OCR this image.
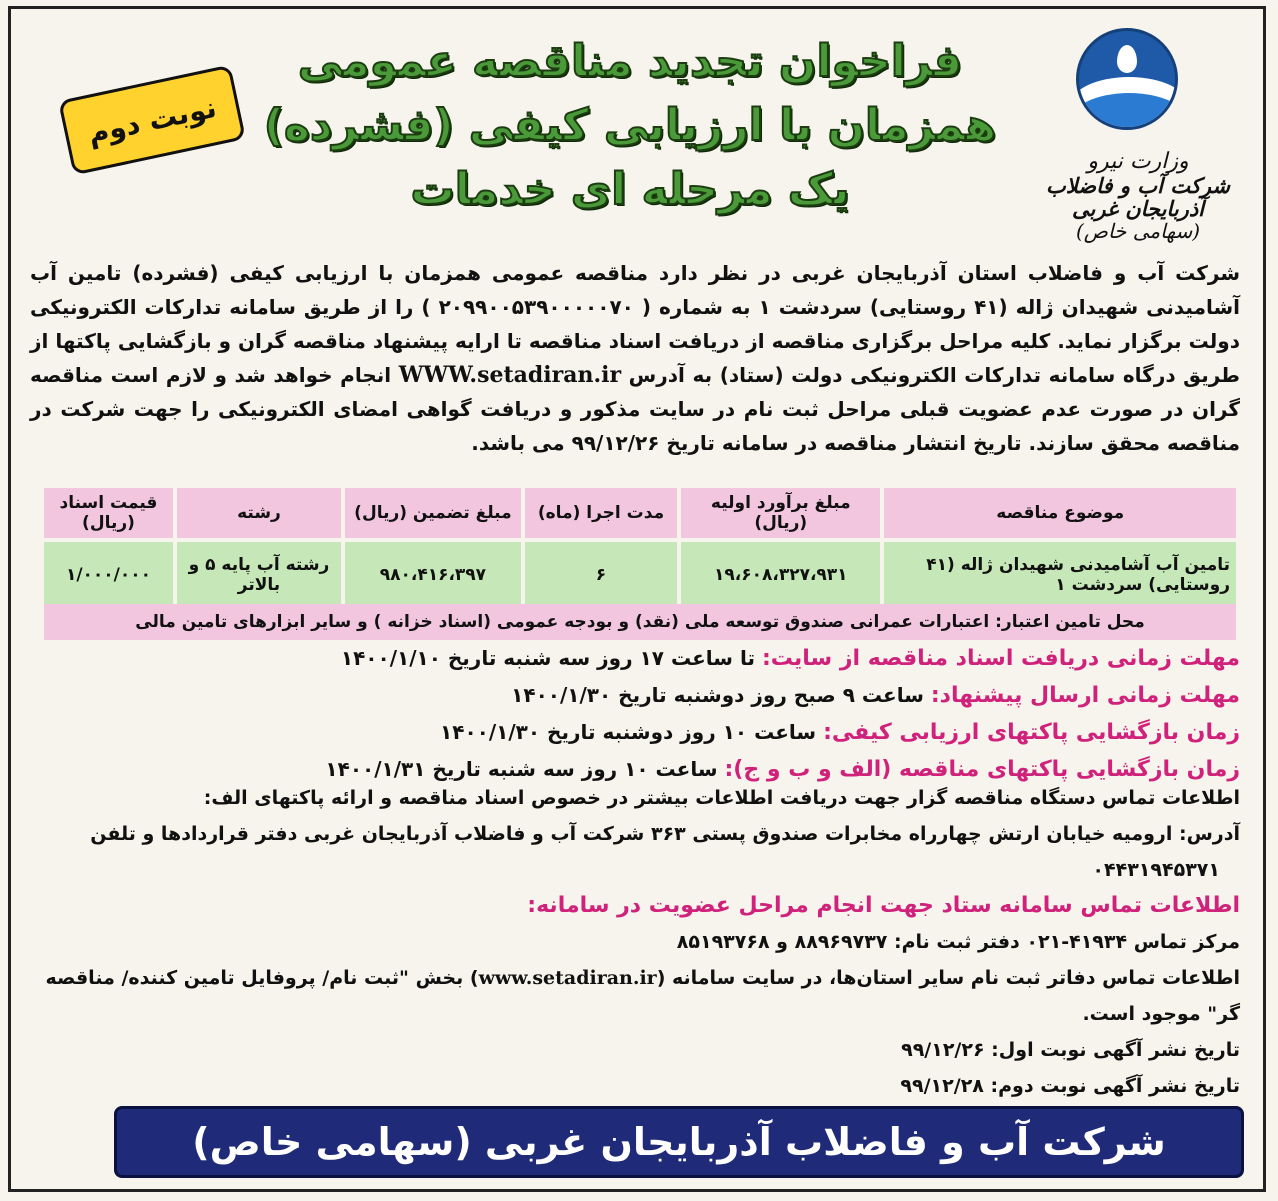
وزارت نیرو
شرکت آب و فاضلاب آذربایجان غربی
(سهامی خاص)
فراخوان تجدید مناقصه عمومی
همزمان با ارزیابی کیفی (فشرده)
یک مرحله ای خدمات
نوبت دوم
شرکت آب و فاضلاب استان آذربایجان غربی در نظر دارد مناقصه عمومی همزمان با ارزیابی کیفی (فشرده) تامین آب آشامیدنی شهیدان ژاله (۴۱ روستایی) سردشت ۱ به شماره ( ۲۰۹۹۰۰۵۳۹۰۰۰۰۰۷۰ ) را از طریق سامانه تدارکات الکترونیکی دولت برگزار نماید. کلیه مراحل برگزاری مناقصه از دریافت اسناد مناقصه تا ارایه پیشنهاد مناقصه گران و بازگشایی پاکتها از طریق درگاه سامانه تدارکات الکترونیکی دولت (ستاد) به آدرس WWW.setadiran.ir انجام خواهد شد و لازم است مناقصه گران در صورت عدم عضویت قبلی مراحل ثبت نام در سایت مذکور و دریافت گواهی امضای الکترونیکی را جهت شرکت در مناقصه محقق سازند. تاریخ انتشار مناقصه در سامانه تاریخ ۹۹/۱۲/۲۶ می باشد.
موضوع مناقصه	مبلغ برآورد اولیه (ریال)	مدت اجرا (ماه)	مبلغ تضمین (ریال)	رشته	قیمت اسناد (ریال)
تامین آب آشامیدنی شهیدان ژاله (۴۱ روستایی) سردشت ۱	۱۹،۶۰۸،۳۲۷،۹۳۱	۶	۹۸۰،۴۱۶،۳۹۷	رشته آب پایه ۵ و بالاتر	۱/۰۰۰/۰۰۰
محل تامین اعتبار: اعتبارات عمرانی صندوق توسعه ملی (نقد) و بودجه عمومی (اسناد خزانه ) و سایر ابزارهای تامین مالی
مهلت زمانی دریافت اسناد مناقصه از سایت: تا ساعت ۱۷ روز سه شنبه تاریخ ۱۴۰۰/۱/۱۰
مهلت زمانی ارسال پیشنهاد: ساعت ۹ صبح روز دوشنبه تاریخ ۱۴۰۰/۱/۳۰
زمان بازگشایی پاکتهای ارزیابی کیفی: ساعت ۱۰ روز دوشنبه تاریخ ۱۴۰۰/۱/۳۰
زمان بازگشایی پاکتهای مناقصه (الف و ب و ج): ساعت ۱۰ روز سه شنبه تاریخ ۱۴۰۰/۱/۳۱
اطلاعات تماس دستگاه مناقصه گزار جهت دریافت اطلاعات بیشتر در خصوص اسناد مناقصه و ارائه پاکتهای الف:
آدرس: ارومیه خیابان ارتش چهارراه مخابرات صندوق پستی ۳۶۳ شرکت آب و فاضلاب آذربایجان غربی دفتر قراردادها و تلفن
۰۴۴۳۱۹۴۵۳۷۱
اطلاعات تماس سامانه ستاد جهت انجام مراحل عضویت در سامانه:
مرکز تماس ۴۱۹۳۴-۰۲۱ دفتر ثبت نام: ۸۸۹۶۹۷۳۷ و ۸۵۱۹۳۷۶۸
اطلاعات تماس دفاتر ثبت نام سایر استان‌ها، در سایت سامانه (www.setadiran.ir) بخش "ثبت نام/ پروفایل تامین کننده/ مناقصه گر" موجود است.
تاریخ نشر آگهی نوبت اول: ۹۹/۱۲/۲۶
تاریخ نشر آگهی نوبت دوم: ۹۹/۱۲/۲۸
شرکت آب و فاضلاب آذربایجان غربی (سهامی خاص)
